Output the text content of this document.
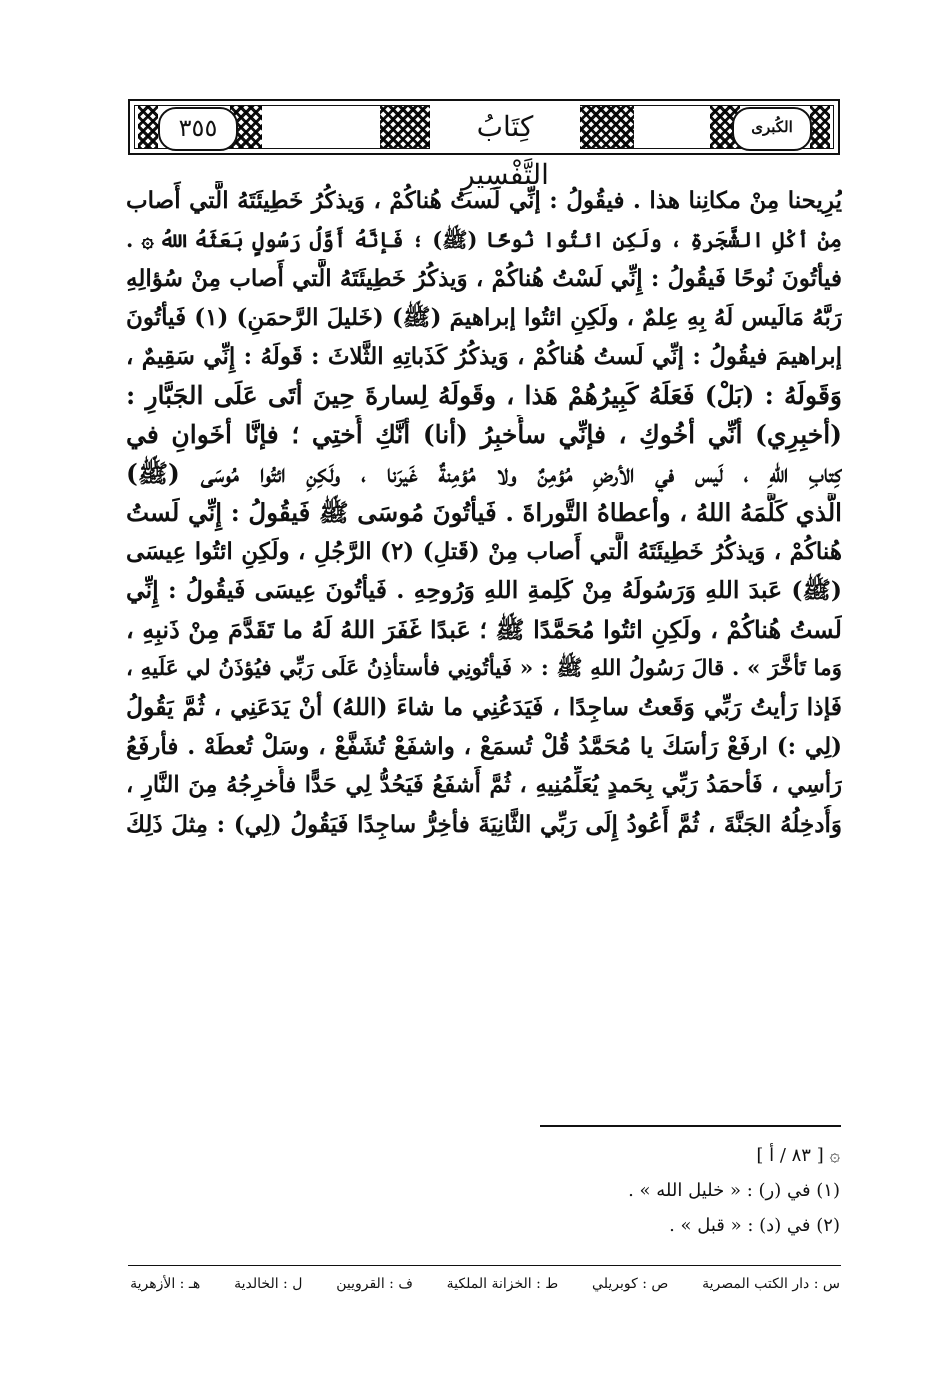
الكُبرى
كِتَابُ التَّفْسِيرِ
٣٥٥
يُرِيحنا مِنْ مكانِنا هذا . فيقُولُ : إنِّي لَستُ هُناكُمْ ، وَيذكُرُ خَطِيئَتَهُ الَّتي أَصاب
مِنْ أكْلِ الشَّجَرةِ ، ولَكِنِ ائتُوا نُوحًا (ﷺ) ؛ فَإنَّهُ أَوَّلُ رَسُولٍ بَعَثَهُ اللهُ ۞ .
فيأتُونَ نُوحًا فَيقُولُ : إِنِّي لَسْتُ هُناكُمْ ، وَيذكُرُ خَطِيئَتَهُ الَّتي أَصاب مِنْ سُؤالِهِ
رَبَّهُ مَالَيس لَهُ بِهِ عِلمٌ ، ولَكِنِ ائتُوا إبراهيمَ (ﷺ) (خَليلَ الرَّحمَنِ) (١) فَيأتُونَ
إبراهيمَ فيقُولُ : إنِّي لَستُ هُناكُمْ ، وَيذكُرُ كَذَباتِهِ الثَّلاثَ : قَولَهُ : إِنِّي سَقِيمٌ ،
وَقَولَهُ : (بَلْ) فَعَلَهُ كَبِيرُهُمْ هَذا ، وقَولَهُ لِسارةَ حِينَ أتَى عَلَى الجَبَّارِ :
(أخبِرِي) أنِّي أخُوكِ ، فإنِّي سأُخبِرُ (أنا) أنَّكِ أُختِي ؛ فإنَّا أخَوانِ في
كِتابِ اللهِ ، لَيس في الأرضِ مُؤمِنٌ ولا مُؤمِنةٌ غَيرَنا ، ولَكِنِ ائتُوا مُوسَى (ﷺ)
الَّذي كَلَّمَهُ اللهُ ، وأعطاهُ التَّوراةَ . فَيأتُونَ مُوسَى ﷺ فَيقُولُ : إِنِّي لَستُ
هُناكُمْ ، وَيذكُرُ خَطِيئَتَهُ الَّتي أَصاب مِنْ (قَتلِ) (٢) الرَّجُلِ ، ولَكِنِ ائتُوا عِيسَى
(ﷺ) عَبدَ اللهِ وَرَسُولَهُ مِنْ كَلِمةِ اللهِ وَرُوحِهِ . فَيأتُونَ عِيسَى فَيقُولُ : إِنِّي
لَستُ هُناكُمْ ، ولَكِنِ ائتُوا مُحَمَّدًا ﷺ ؛ عَبدًا غَفَرَ اللهُ لَهُ ما تَقَدَّمَ مِنْ ذَنبِهِ ،
وَما تَأخَّرَ » . قالَ رَسُولُ اللهِ ﷺ : « فَيأتُونِي فأستأذِنُ عَلَى رَبِّي فيُؤذَنُ لي عَلَيهِ ،
فَإذا رَأيتُ رَبِّي وَقَعتُ ساجِدًا ، فَيَدَعُنِي ما شاءَ (اللهُ) أنْ يَدَعَنِي ، ثُمَّ يَقُولُ
(لِي :) ارفَعْ رَأسَكَ يا مُحَمَّدُ قُلْ تُسمَعْ ، واشفَعْ تُشَفَّعْ ، وسَلْ تُعطَهْ . فأرفَعُ
رَأسِي ، فَأحمَدُ رَبِّي بِحَمدٍ يُعَلِّمُنِيهِ ، ثُمَّ أَشفَعُ فَيَحُدُّ لِي حَدًّا فأُخرِجُهُ مِنَ النَّارِ ،
وَأُدخِلُهُ الجَنَّةَ ، ثُمَّ أَعُودُ إِلَى رَبِّي الثَّانِيَةَ فأخِرُّ ساجِدًا فَيَقُولُ (لِي) : مِثلَ ذَلِكَ
۞ [ ٨٣ / أ ]
(١) في (ر) : « خليل الله » .
(٢) في (د) : « قبل » .
س : دار الكتب المصرية
ص : كوبريلي
ط : الخزانة الملكية
ف : القرويين
ل : الخالدية
هـ : الأزهرية
